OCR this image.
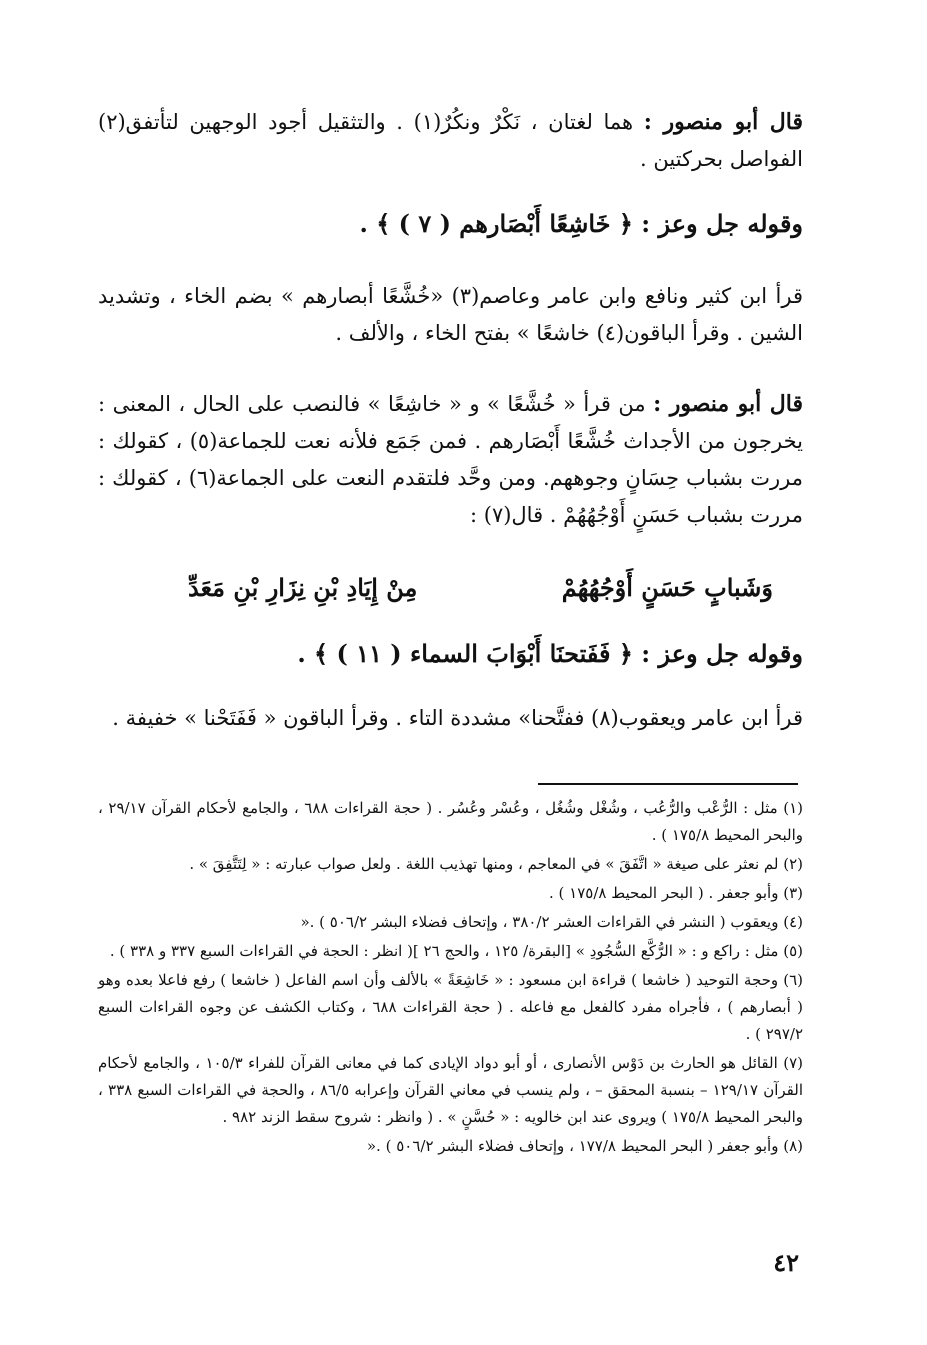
قال أبو منصور : هما لغتان ، نَكْرٌ ونكُرٌ(١) . والتثقيل أجود الوجهين لتأتفق(٢) الفواصل بحركتين .

وقوله جل وعز : ﴿ خَاشِعًا أَبْصَارهم ( ٧ ) ﴾ .

قرأ ابن كثير ونافع وابن عامر وعاصم(٣) «خُشَّعًا أبصارهم » بضم الخاء ، وتشديد الشين . وقرأ الباقون(٤) خاشعًا » بفتح الخاء ، والألف .

قال أبو منصور : من قرأ « خُشَّعًا » و « خاشِعًا » فالنصب على الحال ، المعنى : يخرجون من الأجداث خُشَّعًا أَبْصَارهم . فمن جَمَع فلأنه نعت للجماعة(٥) ، كقولك : مررت بشباب حِسَانٍ وجوههم. ومن وحَّد فلتقدم النعت على الجماعة(٦) ، كقولك : مررت بشباب حَسَنٍ أَوْجُهُهُمْ . قال(٧) :

وَشَبابٍ حَسَنٍ أَوْجُهُهُمْ
مِنْ إِيَادِ بْنِ نِزَارِ بْنِ مَعَدِّ

وقوله جل وعز : ﴿ فَفَتحنَا أَبْوَابَ السماء ( ١١ ) ﴾ .

قرأ ابن عامر ويعقوب(٨) ففتَّحنا» مشددة التاء . وقرأ الباقون « فَفَتَحْنا » خفيفة .

(١) مثل : الرُّعْب والرُّعُب ، وشُغْل وشُغُل ، وعُسْر وعُسُر . ( حجة القراءات ٦٨٨ ، والجامع لأحكام القرآن ٢٩/١٧ ، والبحر المحيط ١٧٥/٨ ) .

(٢) لم نعثر على صيغة « اتَّفَقَ » في المعاجم ، ومنها تهذيب اللغة . ولعل صواب عبارته : « لِتَتَّفِقَ » .

(٣) وأبو جعفر . ( البحر المحيط ١٧٥/٨ ) .

(٤) ويعقوب ( النشر في القراءات العشر ٣٨٠/٢ ، وإتحاف فضلاء البشر ٥٠٦/٢ ) .«

(٥) مثل : راكع و : « الرُّكَّع السُّجُودِ » [البقرة/ ١٢٥ ، والحج ٢٦ ]( انظر : الحجة في القراءات السبع ٣٣٧ و ٣٣٨ ) .

(٦) وحجة التوحيد ( خاشعا ) قراءة ابن مسعود : « خَاشِعَةً » بالألف وأن اسم الفاعل ( خاشعا ) رفع فاعلا بعده وهو ( أبصارهم ) ، فأجراه مفرد كالفعل مع فاعله . ( حجة القراءات ٦٨٨ ، وكتاب الكشف عن وجوه القراءات السبع ٢٩٧/٢ ) .

(٧) القائل هو الحارث بن دَوْس الأنصارى ، أو أبو دواد الإيادى كما في معانى القرآن للفراء ١٠٥/٣ ، والجامع لأحكام القرآن ١٢٩/١٧ – بنسبة المحقق – ، ولم ينسب في معاني القرآن وإعرابه ٨٦/٥ ، والحجة في القراءات السبع ٣٣٨ ، والبحر المحيط ١٧٥/٨ ) ويروى عند ابن خالويه : « حُسَّنٍ » . ( وانظر : شروح سقط الزند ٩٨٢ .

(٨) وأبو جعفر ( البحر المحيط ١٧٧/٨ ، وإتحاف فضلاء البشر ٥٠٦/٢ ) .«

٤٢
